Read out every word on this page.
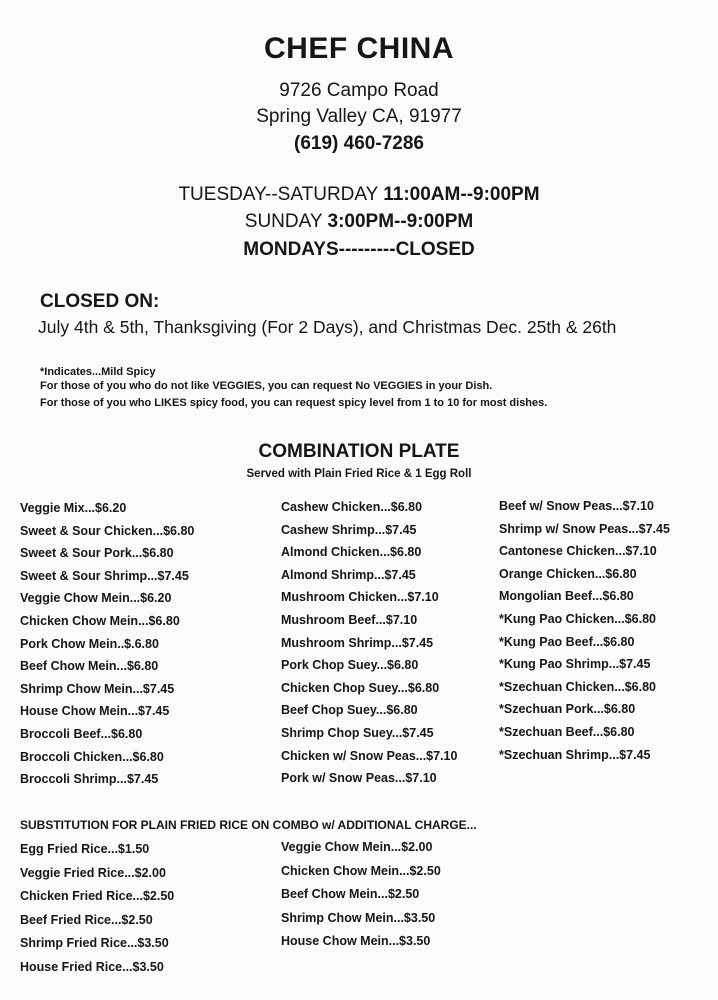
CHEF CHINA
9726 Campo Road
Spring Valley CA, 91977
(619) 460-7286
TUESDAY--SATURDAY 11:00AM--9:00PM
SUNDAY 3:00PM--9:00PM
MONDAYS---------CLOSED
CLOSED ON:
July 4th & 5th, Thanksgiving (For 2 Days), and Christmas Dec. 25th & 26th
*Indicates...Mild Spicy
For those of you who do not like VEGGIES, you can request No VEGGIES in your Dish.
For those of you who LIKES spicy food, you can request spicy level from 1 to 10 for most dishes.
COMBINATION PLATE
Served with Plain Fried Rice & 1 Egg Roll
Veggie Mix...$6.20
Sweet & Sour Chicken...$6.80
Sweet & Sour Pork...$6.80
Sweet & Sour Shrimp...$7.45
Veggie Chow Mein...$6.20
Chicken Chow Mein...$6.80
Pork Chow Mein..$.6.80
Beef Chow Mein...$6.80
Shrimp Chow Mein...$7.45
House Chow Mein...$7.45
Broccoli Beef...$6.80
Broccoli Chicken...$6.80
Broccoli Shrimp...$7.45
Cashew Chicken...$6.80
Cashew Shrimp...$7.45
Almond Chicken...$6.80
Almond Shrimp...$7.45
Mushroom Chicken...$7.10
Mushroom Beef...$7.10
Mushroom Shrimp...$7.45
Pork Chop Suey...$6.80
Chicken Chop Suey...$6.80
Beef Chop Suey...$6.80
Shrimp Chop Suey...$7.45
Chicken w/ Snow Peas...$7.10
Pork w/ Snow Peas...$7.10
Beef w/ Snow Peas...$7.10
Shrimp w/ Snow Peas...$7.45
Cantonese Chicken...$7.10
Orange Chicken...$6.80
Mongolian Beef...$6.80
*Kung Pao Chicken...$6.80
*Kung Pao Beef...$6.80
*Kung Pao Shrimp...$7.45
*Szechuan Chicken...$6.80
*Szechuan Pork...$6.80
*Szechuan Beef...$6.80
*Szechuan Shrimp...$7.45
SUBSTITUTION FOR PLAIN FRIED RICE ON COMBO w/ ADDITIONAL CHARGE...
Egg Fried Rice...$1.50
Veggie Fried Rice...$2.00
Chicken Fried Rice...$2.50
Beef Fried Rice...$2.50
Shrimp Fried Rice...$3.50
House Fried Rice...$3.50
Veggie Chow Mein...$2.00
Chicken Chow Mein...$2.50
Beef Chow Mein...$2.50
Shrimp Chow Mein...$3.50
House Chow Mein...$3.50
